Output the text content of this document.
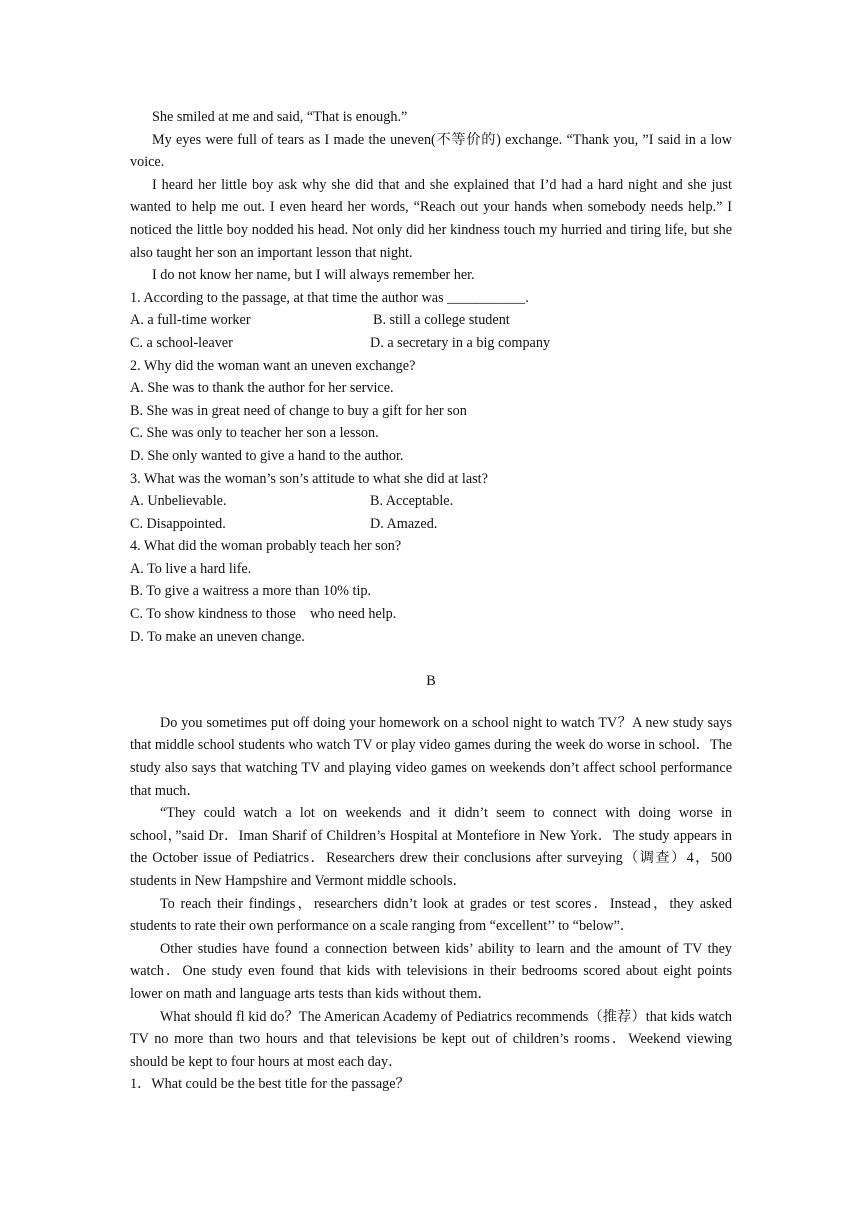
She smiled at me and said, “That is enough.”

My eyes were full of tears as I made the uneven(不等价的) exchange. “Thank you, ”I said in a low voice.

I heard her little boy ask why she did that and she explained that I’d had a hard night and she just wanted to help me out. I even heard her words, “Reach out your hands when somebody needs help.” I noticed the little boy nodded his head. Not only did her kindness touch my hurried and tiring life, but she also taught her son an important lesson that night.

I do not know her name, but I will always remember her.

1. According to the passage, at that time the author was ___________.

A. a full-time worker	B. still a college student
C. a school-leaver	D. a secretary in a big company

2. Why did the woman want an uneven exchange?

A. She was to thank the author for her service.

B. She was in great need of change to buy a gift for her son

C. She was only to teacher her son a lesson.

D. She only wanted to give a hand to the author.

3. What was the woman’s son’s attitude to what she did at last?

A. Unbelievable.	B. Acceptable.
C. Disappointed.	D. Amazed.

4. What did the woman probably teach her son?

A. To live a hard life.

B. To give a waitress a more than 10% tip.

C. To show kindness to those    who need help.

D. To make an uneven change.

B

Do you sometimes put off doing your homework on a school night to watch TV？A new study says that middle school students who watch TV or play video games during the week do worse in school．The study also says that watching TV and playing video games on weekends don’t affect school performance that much．

“They could watch a lot on weekends and it didn’t seem to connect with doing worse in school，”said Dr．Iman Sharif of Children’s Hospital at Montefiore in New York．The study appears in the October issue of Pediatrics．Researchers drew their conclusions after surveying（调查）4，500 students in New Hampshire and Vermont middle schools．

To reach their findings，researchers didn’t look at grades or test scores．Instead，they asked students to rate their own performance on a scale ranging from “excellent’’ to “below”．

Other studies have found a connection between kids’ ability to learn and the amount of TV they watch．One study even found that kids with televisions in their bedrooms scored about eight points lower on math and language arts tests than kids without them．

What should fl kid do？The American Academy of Pediatrics recommends（推荐）that kids watch TV no more than two hours and that televisions be kept out of children’s rooms．Weekend viewing should be kept to four hours at most each day．

1．What could be the best title for the passage？
